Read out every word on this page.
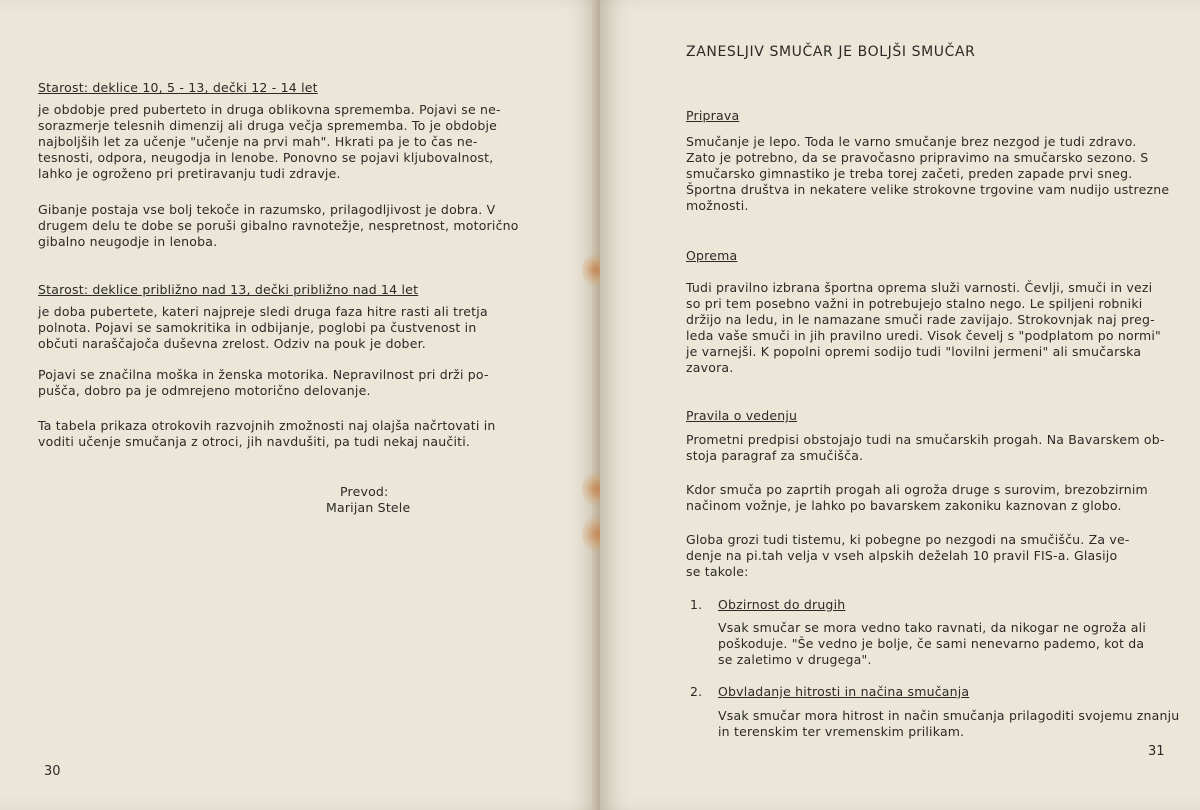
Starost: deklice 10, 5 - 13, dečki 12 - 14 let
je obdobje pred puberteto in druga oblikovna sprememba. Pojavi se ne-
sorazmerje telesnih dimenzij ali druga večja sprememba. To je obdobje
najboljših let za učenje "učenje na prvi mah". Hkrati pa je to čas ne-
tesnosti, odpora, neugodja in lenobe. Ponovno se pojavi kljubovalnost,
lahko je ogroženo pri pretiravanju tudi zdravje.
Gibanje postaja vse bolj tekoče in razumsko, prilagodljivost je dobra. V
drugem delu te dobe se poruši gibalno ravnotežje, nespretnost, motorično
gibalno neugodje in lenoba.
Starost: deklice približno nad 13, dečki približno nad 14 let
je doba pubertete, kateri najpreje sledi druga faza hitre rasti ali tretja
polnota. Pojavi se samokritika in odbijanje, poglobi pa čustvenost in
občuti naraščajoča duševna zrelost. Odziv na pouk je dober.
Pojavi se značilna moška in ženska motorika. Nepravilnost pri drži po-
pušča, dobro pa je odmrejeno motorično delovanje.
Ta tabela prikaza otrokovih razvojnih zmožnosti naj olajša načrtovati in
voditi učenje smučanja z otroci, jih navdušiti, pa tudi nekaj naučiti.
Prevod:
Marijan Stele
30
ZANESLJIV SMUČAR JE BOLJŠI SMUČAR
Priprava
Smučanje je lepo. Toda le varno smučanje brez nezgod je tudi zdravo.
Zato je potrebno, da se pravočasno pripravimo na smučarsko sezono. S
smučarsko gimnastiko je treba torej začeti, preden zapade prvi sneg.
Športna društva in nekatere velike strokovne trgovine vam nudijo ustrezne
možnosti.
Oprema
Tudi pravilno izbrana športna oprema služi varnosti. Čevlji, smuči in vezi
so pri tem posebno važni in potrebujejo stalno nego. Le spiljeni robniki
držijo na ledu, in le namazane smuči rade zavijajo. Strokovnjak naj preg-
leda vaše smuči in jih pravilno uredi. Visok čevelj s "podplatom po normi"
je varnejši. K popolni opremi sodijo tudi "lovilni jermeni" ali smučarska
zavora.
Pravila o vedenju
Prometni predpisi obstojajo tudi na smučarskih progah. Na Bavarskem ob-
stoja paragraf za smučišča.
Kdor smuča po zaprtih progah ali ogroža druge s surovim, brezobzirnim
načinom vožnje, je lahko po bavarskem zakoniku kaznovan z globo.
Globa grozi tudi tistemu, ki pobegne po nezgodi na smučišču. Za ve-
denje na pi.tah velja v vseh alpskih deželah 10 pravil FIS-a. Glasijo
se takole:
1. Obzirnost do drugih
Vsak smučar se mora vedno tako ravnati, da nikogar ne ogroža ali
poškoduje. "Še vedno je bolje, če sami nenevarno pademo, kot da
se zaletimo v drugega".
2. Obvladanje hitrosti in načina smučanja
Vsak smučar mora hitrost in način smučanja prilagoditi svojemu znanju
in terenskim ter vremenskim prilikam.
31
